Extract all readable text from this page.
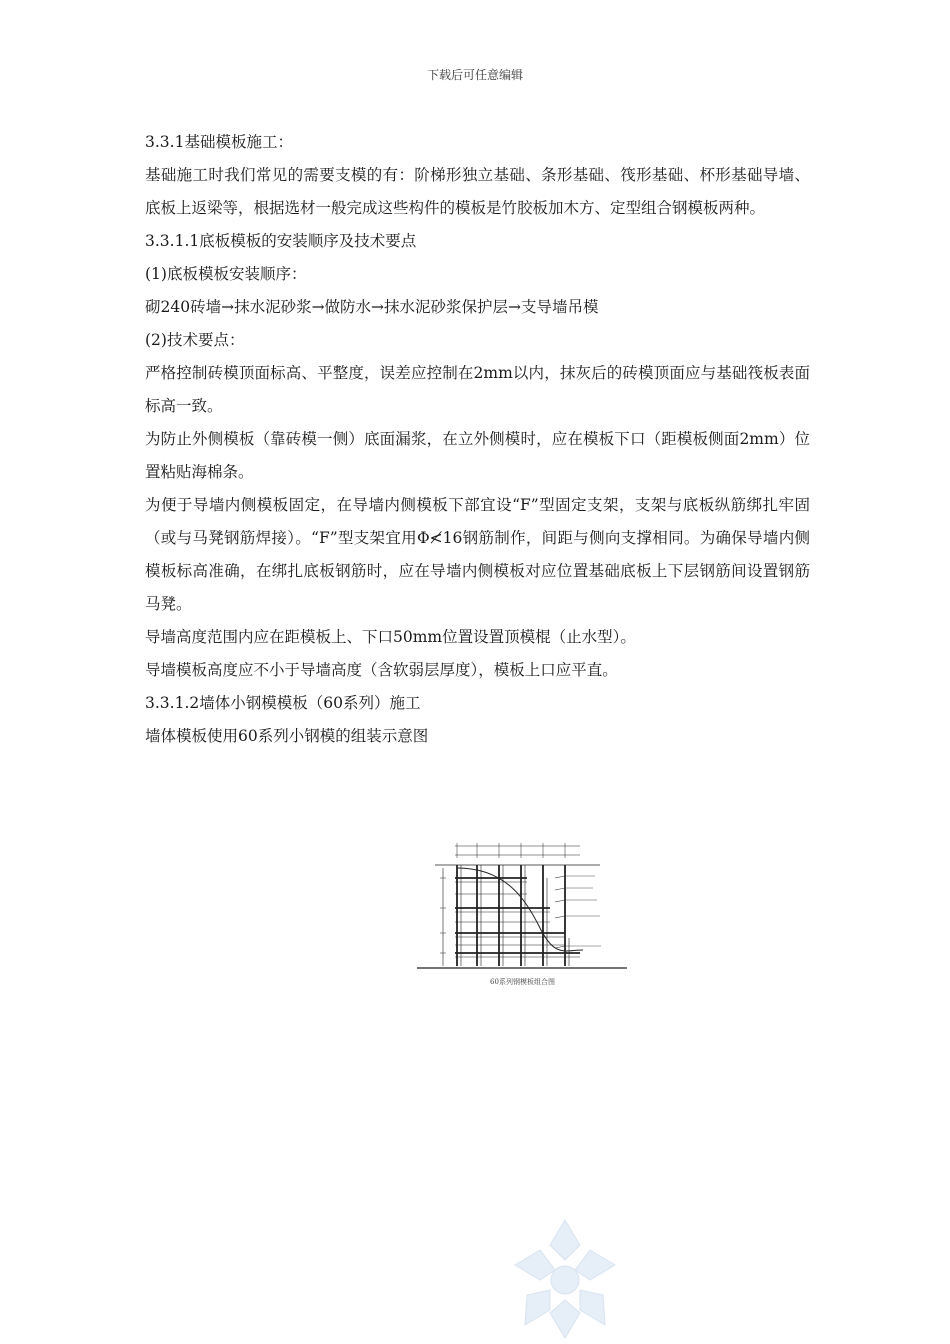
下载后可任意编辑

3.3.1基础模板施工：

基础施工时我们常见的需要支模的有：阶梯形独立基础、条形基础、筏形基础、杯形基础导墙、底板上返梁等，根据选材一般完成这些构件的模板是竹胶板加木方、定型组合钢模板两种。

3.3.1.1底板模板的安装顺序及技术要点

(1)底板模板安装顺序：

砌240砖墙→抹水泥砂浆→做防水→抹水泥砂浆保护层→支导墙吊模

(2)技术要点：

严格控制砖模顶面标高、平整度，误差应控制在2mm以内，抹灰后的砖模顶面应与基础筏板表面标高一致。

为防止外侧模板（靠砖模一侧）底面漏浆，在立外侧模时，应在模板下口（距模板侧面2mm）位置粘贴海棉条。

为便于导墙内侧模板固定，在导墙内侧模板下部宜设“F”型固定支架，支架与底板纵筋绑扎牢固（或与马凳钢筋焊接）。“F”型支架宜用Φ≮16钢筋制作，间距与侧向支撑相同。为确保导墙内侧模板标高准确，在绑扎底板钢筋时，应在导墙内侧模板对应位置基础底板上下层钢筋间设置钢筋马凳。

导墙高度范围内应在距模板上、下口50mm位置设置顶模棍（止水型）。

导墙模板高度应不小于导墙高度（含软弱层厚度），模板上口应平直。

3.3.1.2墙体小钢模模板（60系列）施工

墙体模板使用60系列小钢模的组装示意图

60系列钢模板组合图
